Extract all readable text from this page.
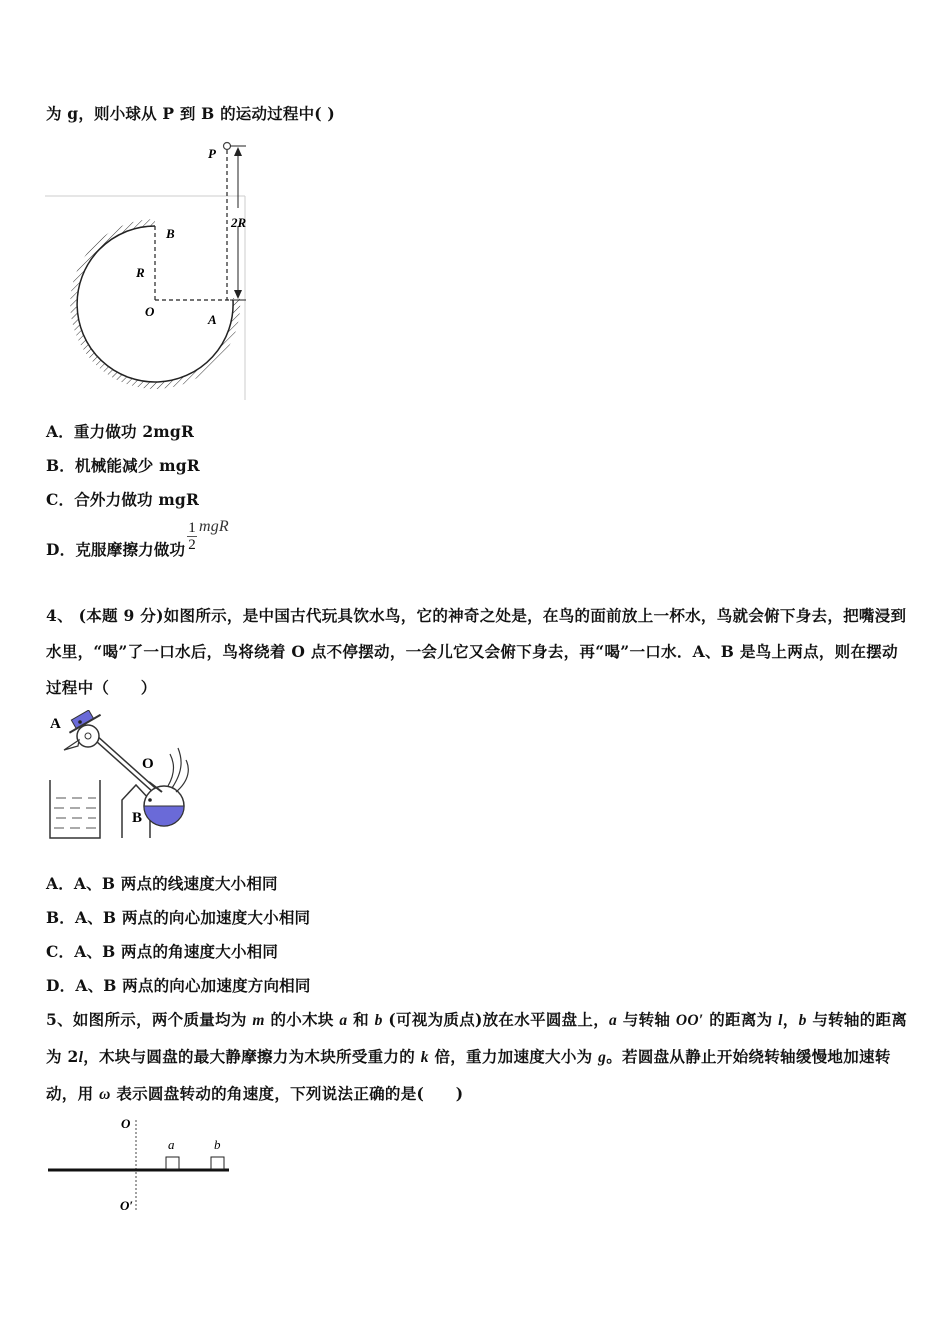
为 g，则小球从 P 到 B 的运动过程中( )
P
2R
B
R
O
A
A．重力做功 2mgR
B．机械能减少 mgR
C．合外力做功 mgR
D．克服摩擦力做功 $\frac{1}{2}$ mgR
4、 (本题 9 分)如图所示，是中国古代玩具饮水鸟，它的神奇之处是，在鸟的面前放上一杯水，鸟就会俯下身去，把嘴浸到水里，“喝”了一口水后，鸟将绕着 O 点不停摆动，一会儿它又会俯下身去，再“喝”一口水．A、B 是鸟上两点，则在摆动过程中（　　）
A
O
B
A．A、B 两点的线速度大小相同
B．A、B 两点的向心加速度大小相同
C．A、B 两点的角速度大小相同
D．A、B 两点的向心加速度方向相同
5、如图所示，两个质量均为 m 的小木块 a 和 b (可视为质点)放在水平圆盘上，a 与转轴 OO′ 的距离为 l，b 与转轴的距离为 2l，木块与圆盘的最大静摩擦力为木块所受重力的 k 倍，重力加速度大小为 g。若圆盘从静止开始绕转轴缓慢地加速转动，用 ω 表示圆盘转动的角速度，下列说法正确的是(　　)
O
O′
a	b
